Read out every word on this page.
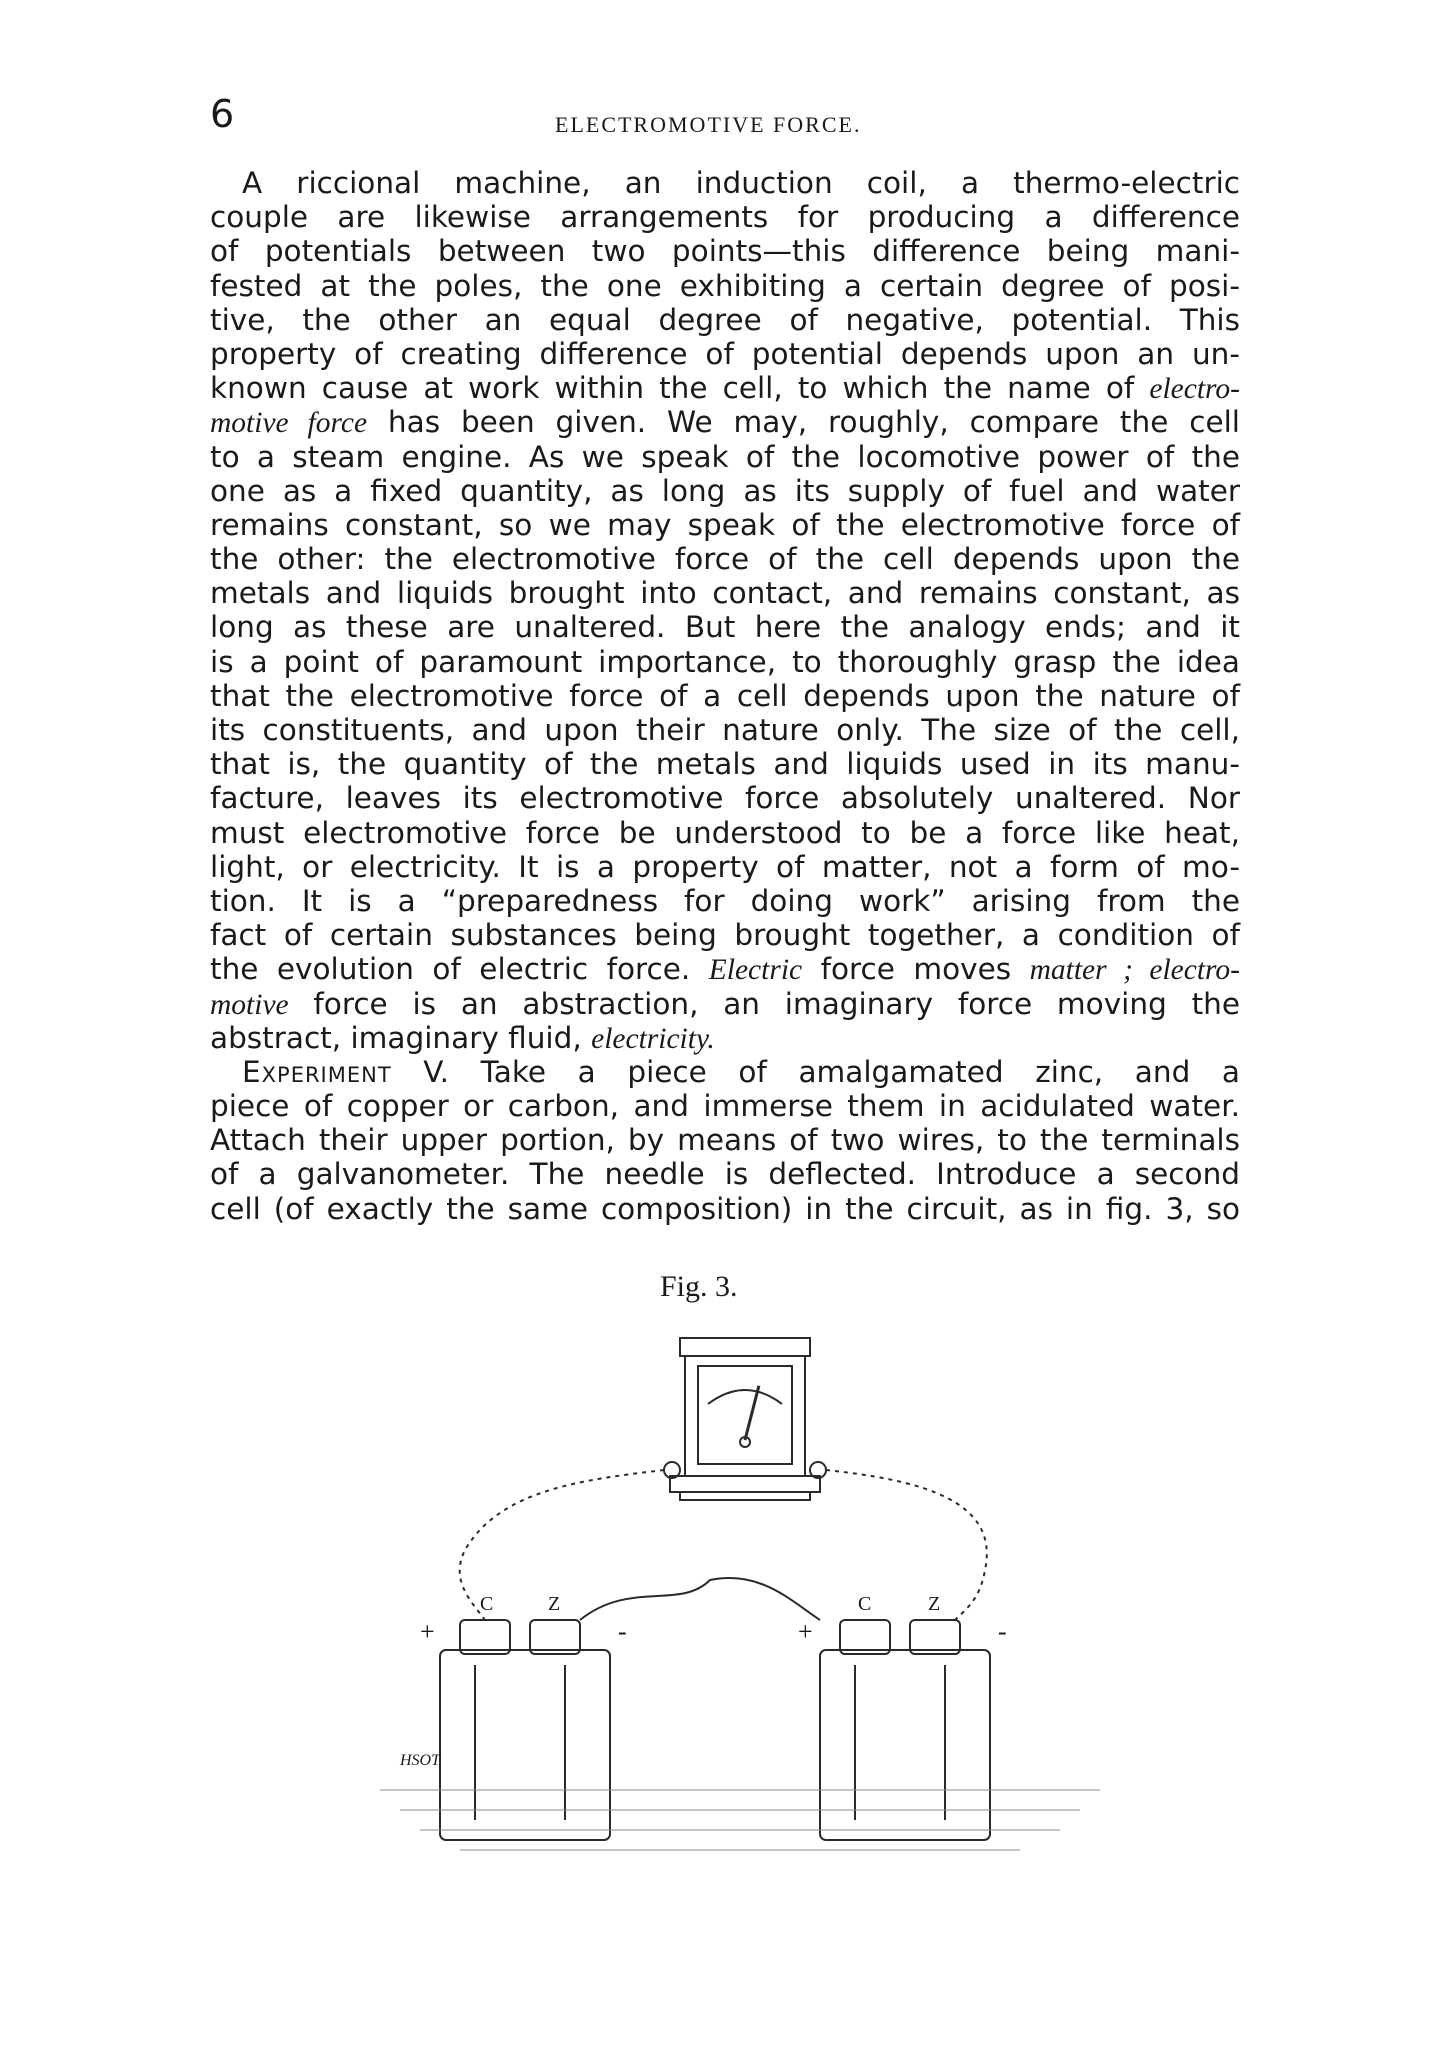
6	ELECTROMOTIVE FORCE.
A riccional machine, an induction coil, a thermo-electric
couple are likewise arrangements for producing a difference
of potentials between two points—this difference being mani-
fested at the poles, the one exhibiting a certain degree of posi-
tive, the other an equal degree of negative, potential. This
property of creating difference of potential depends upon an un-
known cause at work within the cell, to which the name of electro-
motive force has been given. We may, roughly, compare the cell
to a steam engine. As we speak of the locomotive power of the
one as a fixed quantity, as long as its supply of fuel and water
remains constant, so we may speak of the electromotive force of
the other: the electromotive force of the cell depends upon the
metals and liquids brought into contact, and remains constant, as
long as these are unaltered. But here the analogy ends; and it
is a point of paramount importance, to thoroughly grasp the idea
that the electromotive force of a cell depends upon the nature of
its constituents, and upon their nature only. The size of the cell,
that is, the quantity of the metals and liquids used in its manu-
facture, leaves its electromotive force absolutely unaltered. Nor
must electromotive force be understood to be a force like heat,
light, or electricity. It is a property of matter, not a form of mo-
tion. It is a “preparedness for doing work” arising from the
fact of certain substances being brought together, a condition of
the evolution of electric force. Electric force moves matter ; electro-
motive force is an abstraction, an imaginary force moving the
abstract, imaginary fluid, electricity.
Experiment V. Take a piece of amalgamated zinc, and a
piece of copper or carbon, and immerse them in acidulated water.
Attach their upper portion, by means of two wires, to the terminals
of a galvanometer. The needle is deflected. Introduce a second
cell (of exactly the same composition) in the circuit, as in fig. 3, so
Fig. 3.
C	Z	C	Z
+	-	+	-
HSOT
